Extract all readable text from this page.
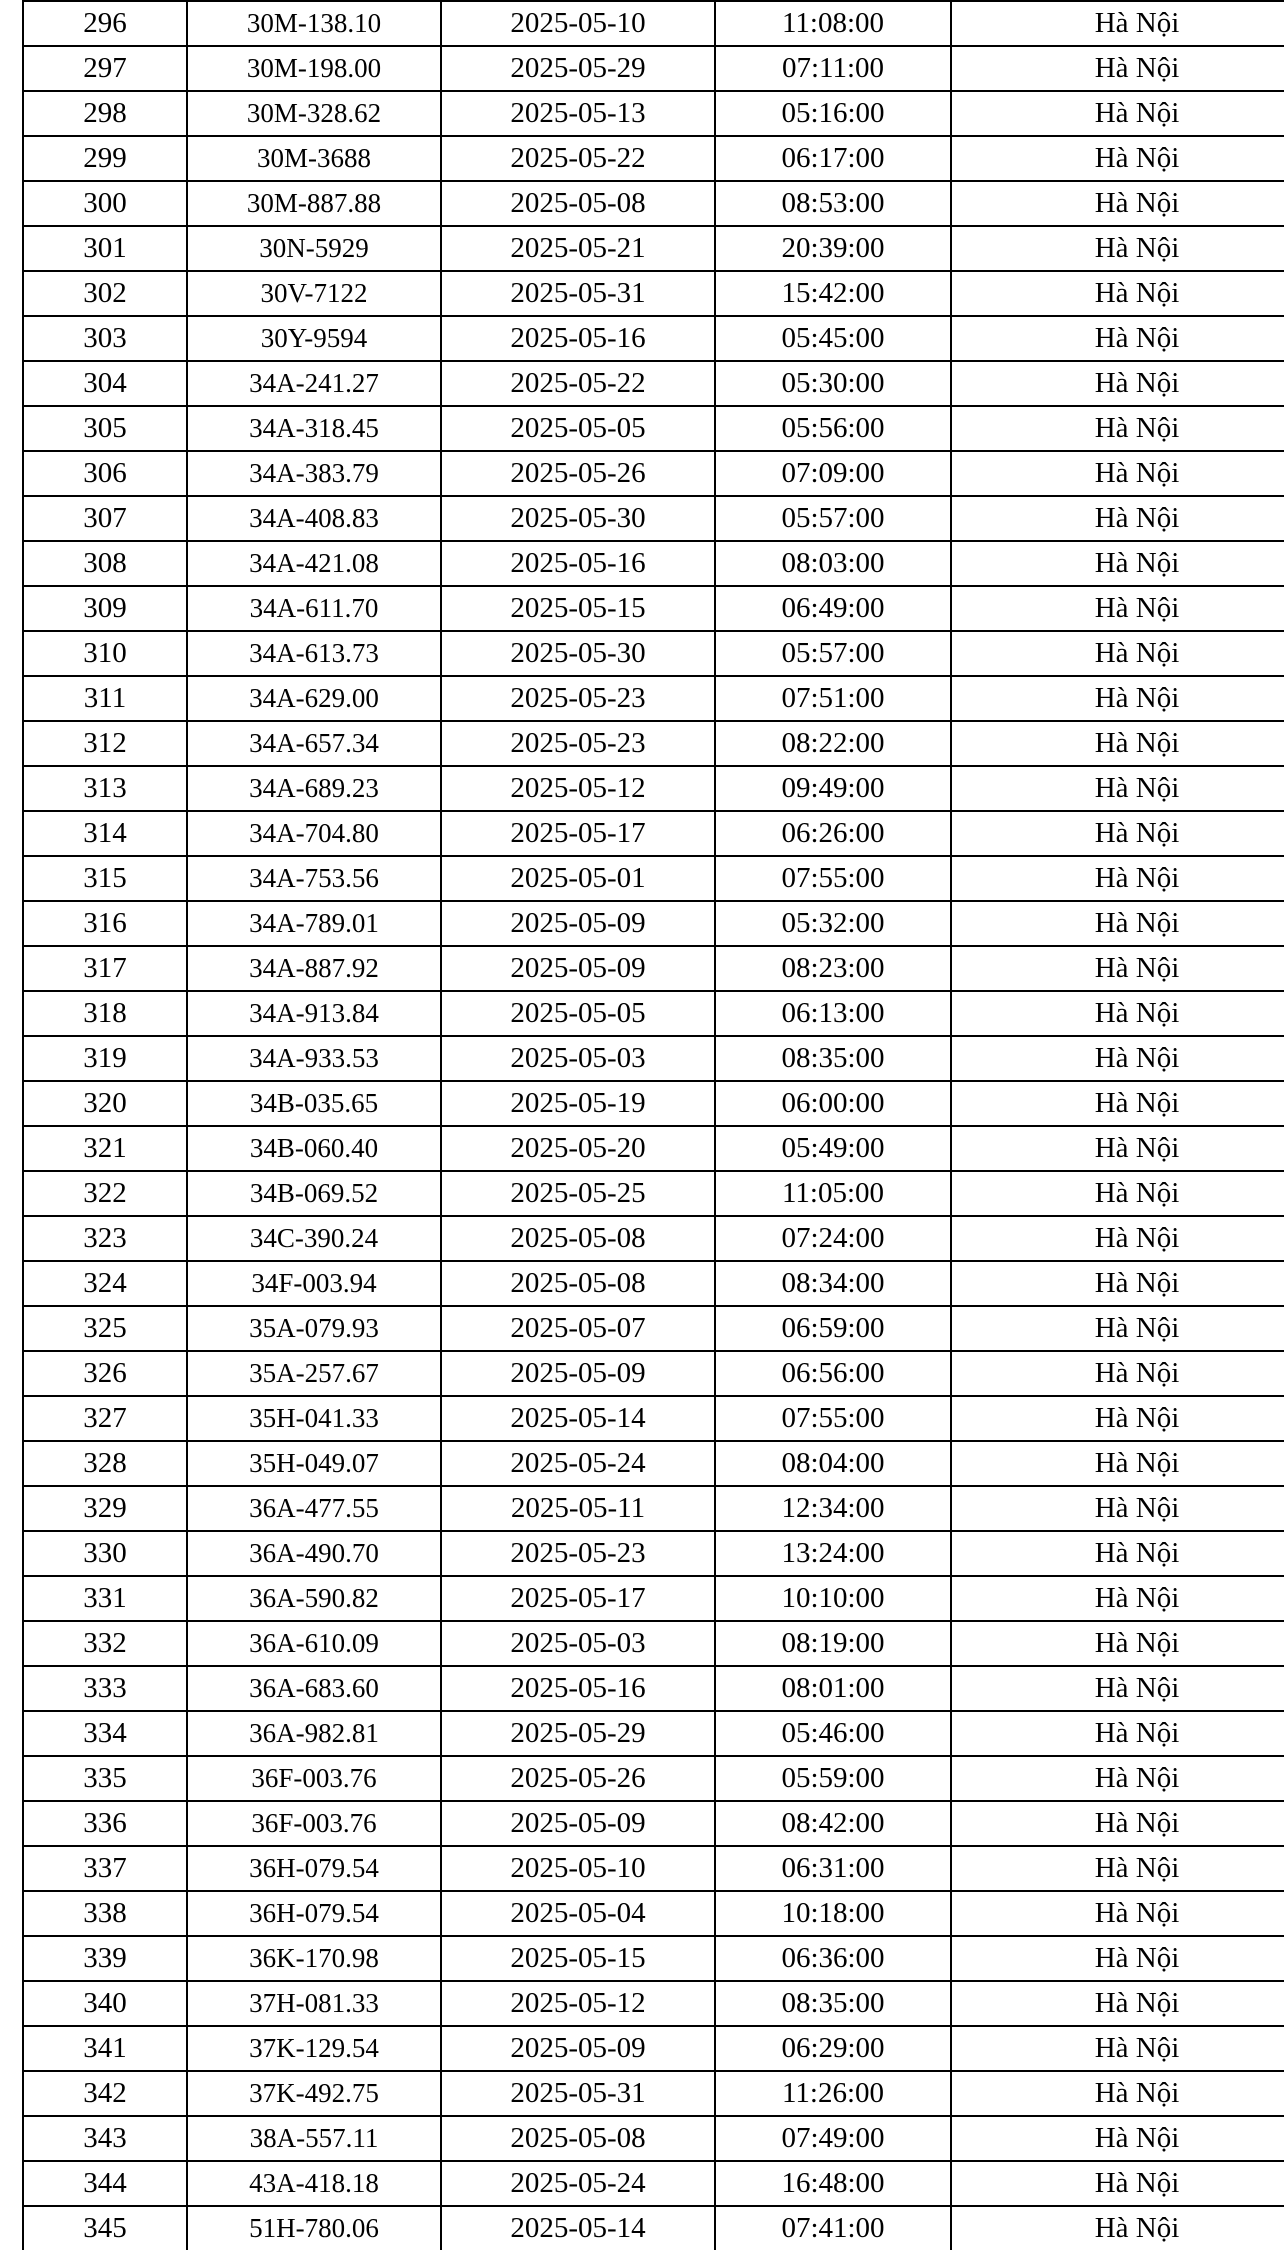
296	30M-138.10	2025-05-10	11:08:00	Hà Nội
297	30M-198.00	2025-05-29	07:11:00	Hà Nội
298	30M-328.62	2025-05-13	05:16:00	Hà Nội
299	30M-3688	2025-05-22	06:17:00	Hà Nội
300	30M-887.88	2025-05-08	08:53:00	Hà Nội
301	30N-5929	2025-05-21	20:39:00	Hà Nội
302	30V-7122	2025-05-31	15:42:00	Hà Nội
303	30Y-9594	2025-05-16	05:45:00	Hà Nội
304	34A-241.27	2025-05-22	05:30:00	Hà Nội
305	34A-318.45	2025-05-05	05:56:00	Hà Nội
306	34A-383.79	2025-05-26	07:09:00	Hà Nội
307	34A-408.83	2025-05-30	05:57:00	Hà Nội
308	34A-421.08	2025-05-16	08:03:00	Hà Nội
309	34A-611.70	2025-05-15	06:49:00	Hà Nội
310	34A-613.73	2025-05-30	05:57:00	Hà Nội
311	34A-629.00	2025-05-23	07:51:00	Hà Nội
312	34A-657.34	2025-05-23	08:22:00	Hà Nội
313	34A-689.23	2025-05-12	09:49:00	Hà Nội
314	34A-704.80	2025-05-17	06:26:00	Hà Nội
315	34A-753.56	2025-05-01	07:55:00	Hà Nội
316	34A-789.01	2025-05-09	05:32:00	Hà Nội
317	34A-887.92	2025-05-09	08:23:00	Hà Nội
318	34A-913.84	2025-05-05	06:13:00	Hà Nội
319	34A-933.53	2025-05-03	08:35:00	Hà Nội
320	34B-035.65	2025-05-19	06:00:00	Hà Nội
321	34B-060.40	2025-05-20	05:49:00	Hà Nội
322	34B-069.52	2025-05-25	11:05:00	Hà Nội
323	34C-390.24	2025-05-08	07:24:00	Hà Nội
324	34F-003.94	2025-05-08	08:34:00	Hà Nội
325	35A-079.93	2025-05-07	06:59:00	Hà Nội
326	35A-257.67	2025-05-09	06:56:00	Hà Nội
327	35H-041.33	2025-05-14	07:55:00	Hà Nội
328	35H-049.07	2025-05-24	08:04:00	Hà Nội
329	36A-477.55	2025-05-11	12:34:00	Hà Nội
330	36A-490.70	2025-05-23	13:24:00	Hà Nội
331	36A-590.82	2025-05-17	10:10:00	Hà Nội
332	36A-610.09	2025-05-03	08:19:00	Hà Nội
333	36A-683.60	2025-05-16	08:01:00	Hà Nội
334	36A-982.81	2025-05-29	05:46:00	Hà Nội
335	36F-003.76	2025-05-26	05:59:00	Hà Nội
336	36F-003.76	2025-05-09	08:42:00	Hà Nội
337	36H-079.54	2025-05-10	06:31:00	Hà Nội
338	36H-079.54	2025-05-04	10:18:00	Hà Nội
339	36K-170.98	2025-05-15	06:36:00	Hà Nội
340	37H-081.33	2025-05-12	08:35:00	Hà Nội
341	37K-129.54	2025-05-09	06:29:00	Hà Nội
342	37K-492.75	2025-05-31	11:26:00	Hà Nội
343	38A-557.11	2025-05-08	07:49:00	Hà Nội
344	43A-418.18	2025-05-24	16:48:00	Hà Nội
345	51H-780.06	2025-05-14	07:41:00	Hà Nội
